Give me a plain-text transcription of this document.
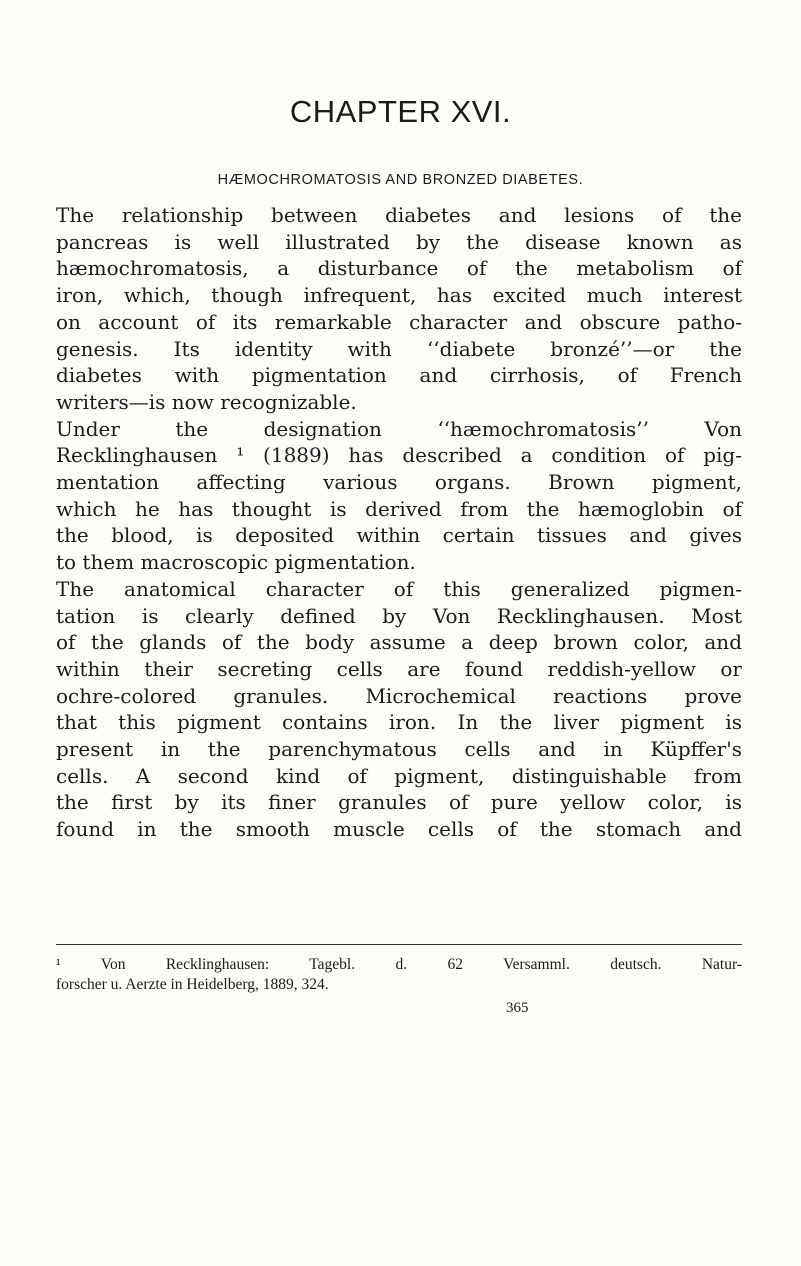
CHAPTER XVI.
HÆMOCHROMATOSIS AND BRONZED DIABETES.

The relationship between diabetes and lesions of the
pancreas is well illustrated by the disease known as
hæmochromatosis, a disturbance of the metabolism of
iron, which, though infrequent, has excited much interest
on account of its remarkable character and obscure patho-
genesis. Its identity with ‘‘diabete bronzé’’—or the
diabetes with pigmentation and cirrhosis, of French
writers—is now recognizable.

Under the designation ‘‘hæmochromatosis’’ Von
Recklinghausen ¹ (1889) has described a condition of pig-
mentation affecting various organs. Brown pigment,
which he has thought is derived from the hæmoglobin of
the blood, is deposited within certain tissues and gives
to them macroscopic pigmentation.

The anatomical character of this generalized pigmen-
tation is clearly defined by Von Recklinghausen. Most
of the glands of the body assume a deep brown color, and
within their secreting cells are found reddish-yellow or
ochre-colored granules. Microchemical reactions prove
that this pigment contains iron. In the liver pigment is
present in the parenchymatous cells and in Küpffer's
cells. A second kind of pigment, distinguishable from
the first by its finer granules of pure yellow color, is
found in the smooth muscle cells of the stomach and

¹ Von Recklinghausen: Tagebl. d. 62 Versamml. deutsch. Natur-
forscher u. Aerzte in Heidelberg, 1889, 324.
365
